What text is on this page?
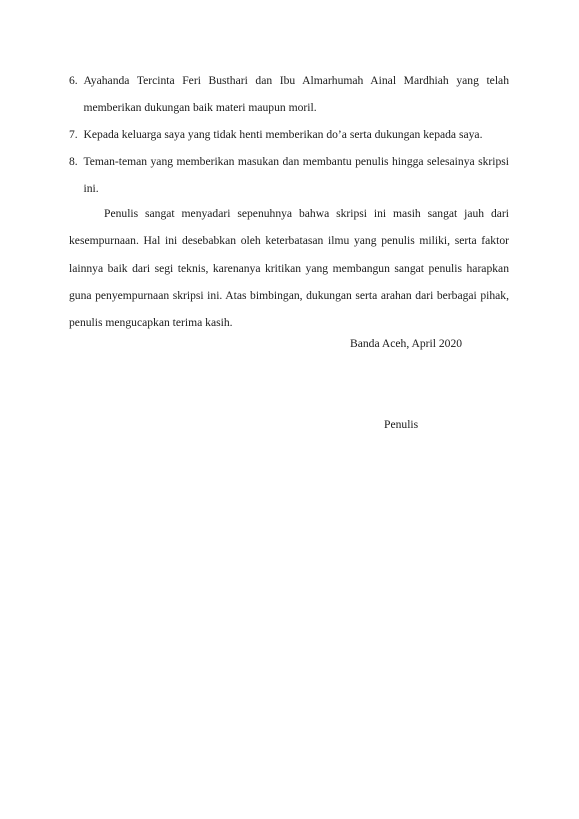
6. Ayahanda Tercinta Feri Busthari dan Ibu Almarhumah Ainal Mardhiah yang telah memberikan dukungan baik materi maupun moril.
7. Kepada keluarga saya yang tidak henti memberikan do’a serta dukungan kepada saya.
8. Teman-teman yang memberikan masukan dan membantu penulis hingga selesainya skripsi ini.

Penulis sangat menyadari sepenuhnya bahwa skripsi ini masih sangat jauh dari kesempurnaan. Hal ini desebabkan oleh keterbatasan ilmu yang penulis miliki, serta faktor lainnya baik dari segi teknis, karenanya kritikan yang membangun sangat penulis harapkan guna penyempurnaan skripsi ini. Atas bimbingan, dukungan serta arahan dari berbagai pihak, penulis mengucapkan terima kasih.

Banda Aceh, April 2020
Penulis
